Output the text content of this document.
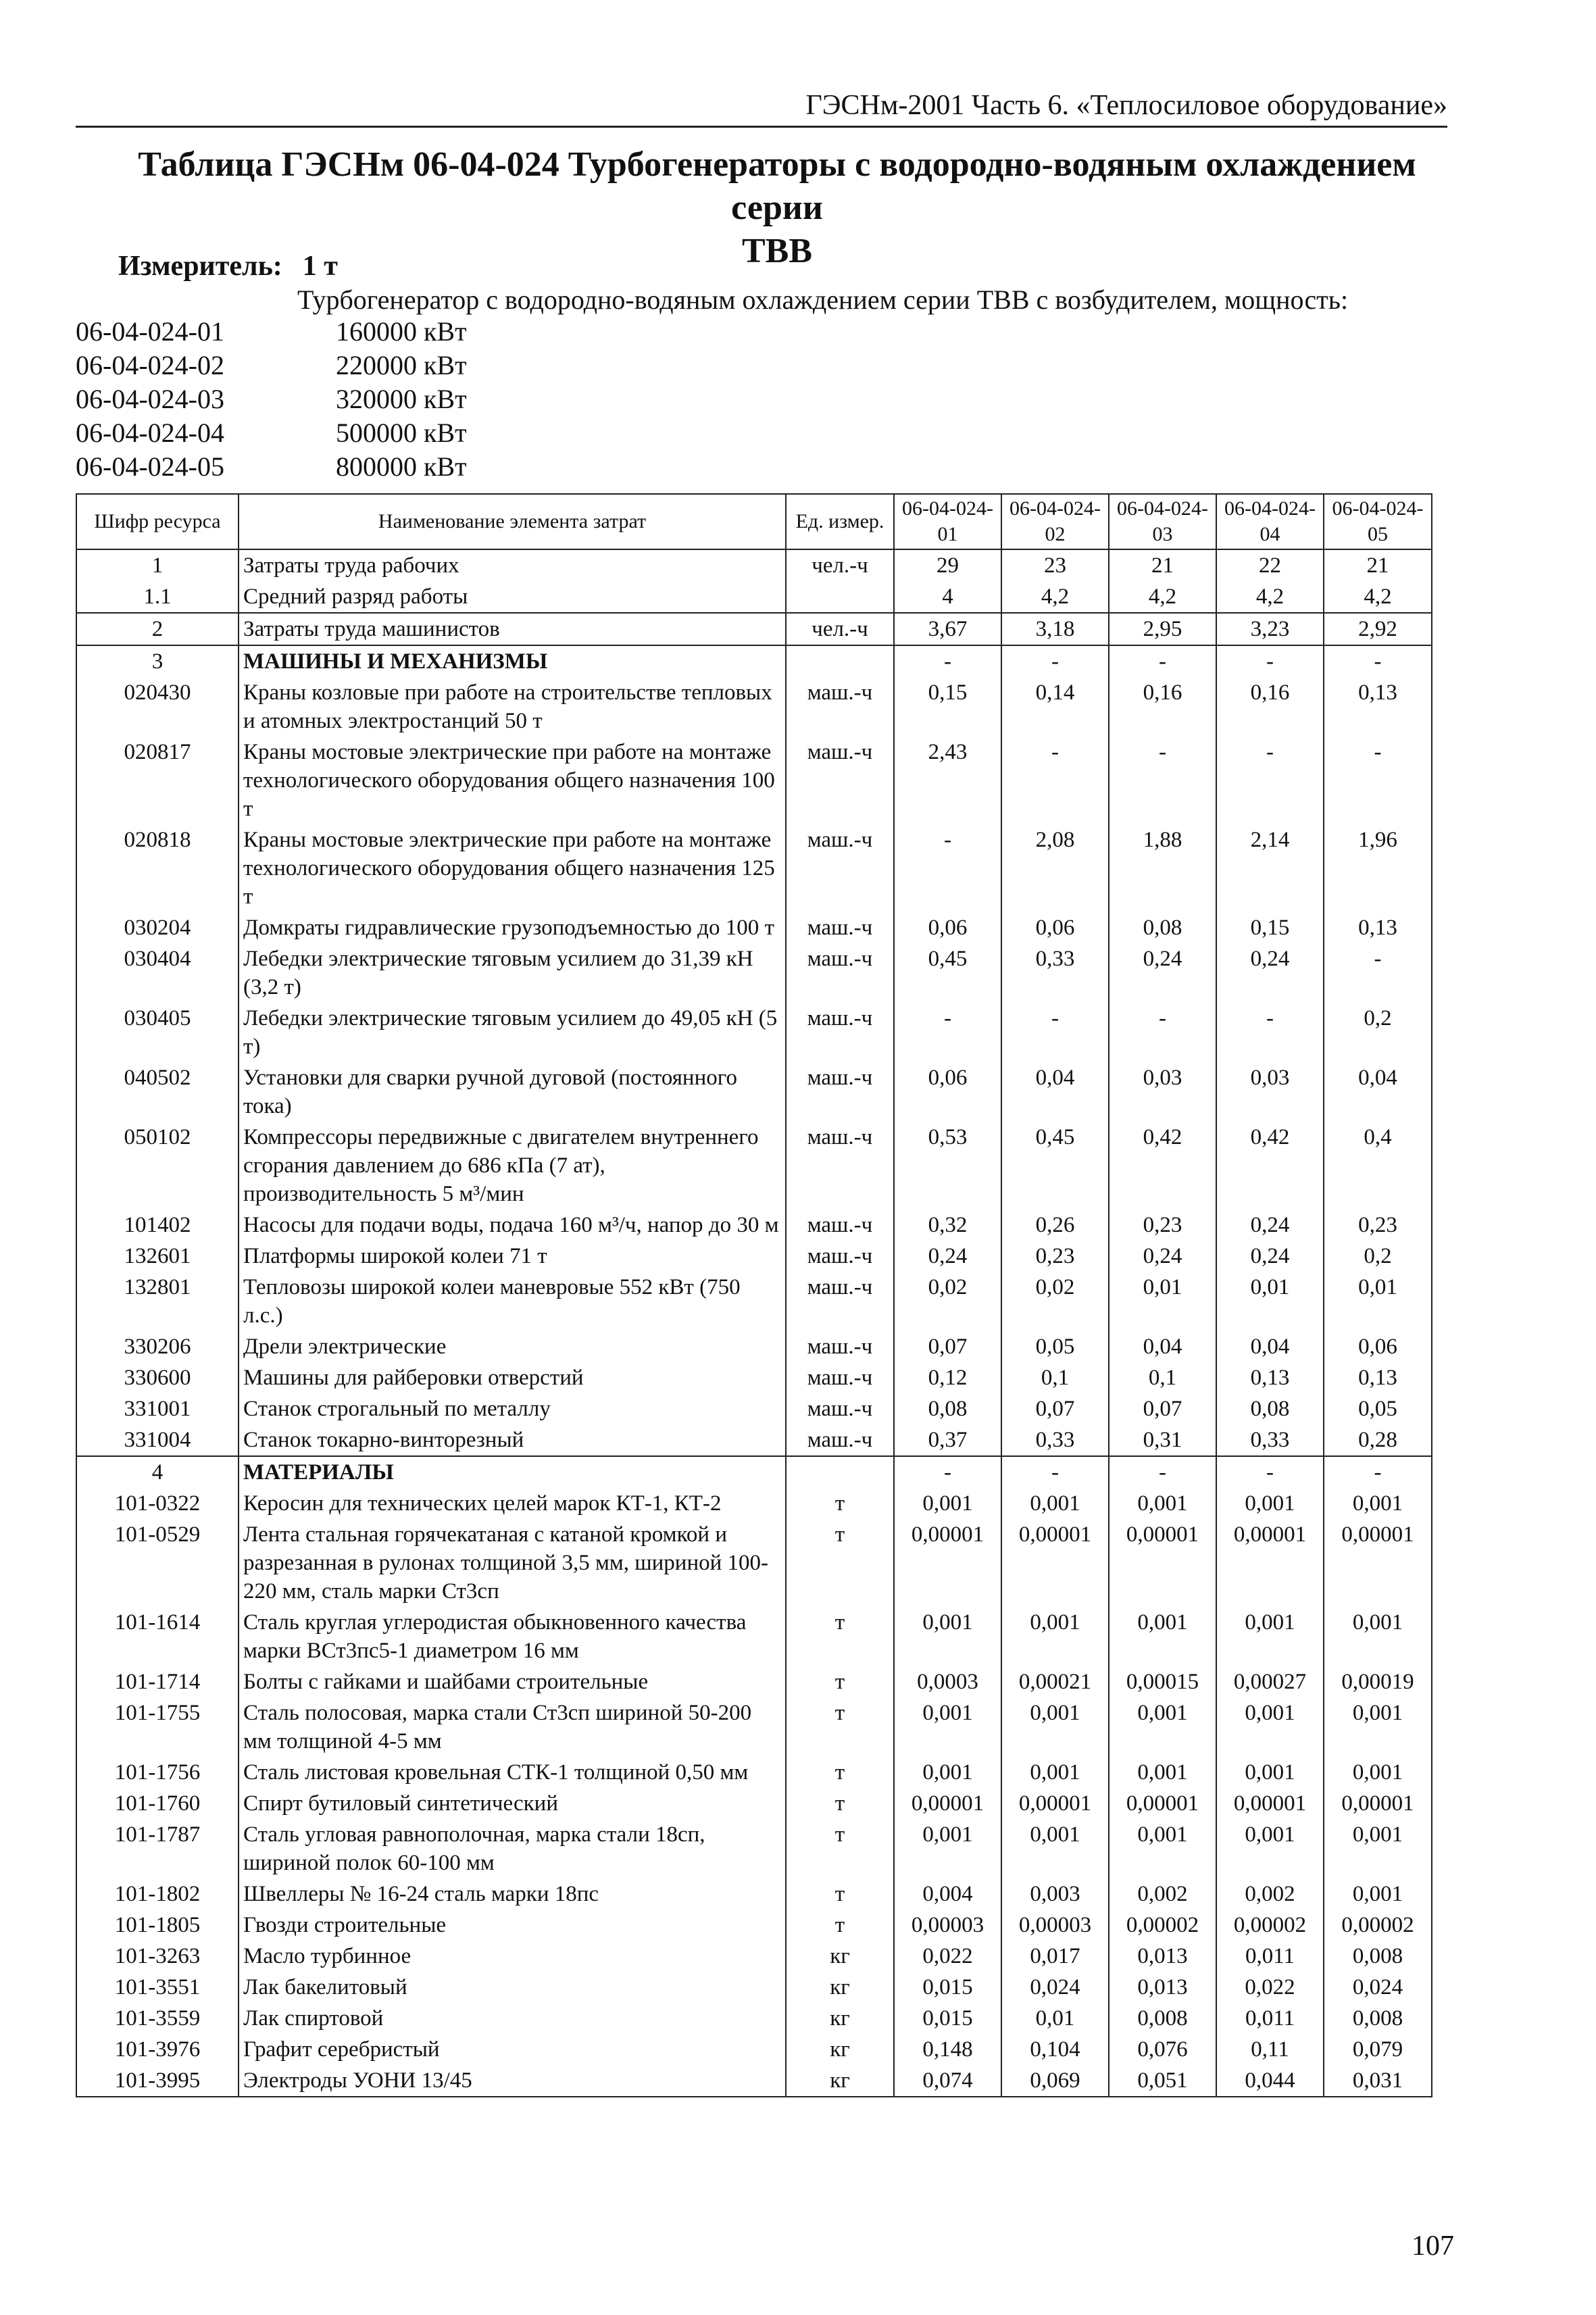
ГЭСНм-2001 Часть 6. «Теплосиловое оборудование»
Таблица ГЭСНм 06-04-024 Турбогенераторы с водородно-водяным охлаждением серии
ТВВ
Измеритель: 1 т
Турбогенератор с водородно-водяным охлаждением серии ТВВ с возбудителем, мощность:
06-04-024-01	160000 кВт
06-04-024-02	220000 кВт
06-04-024-03	320000 кВт
06-04-024-04	500000 кВт
06-04-024-05	800000 кВт
Шифр ресурса	Наименование элемента затрат	Ед. измер.	06-04-024-01	06-04-024-02	06-04-024-03	06-04-024-04	06-04-024-05
1	Затраты труда рабочих	чел.-ч	29	23	21	22	21
1.1	Средний разряд работы		4	4,2	4,2	4,2	4,2
2	Затраты труда машинистов	чел.-ч	3,67	3,18	2,95	3,23	2,92
3	МАШИНЫ И МЕХАНИЗМЫ		-	-	-	-	-
020430	Краны козловые при работе на строительстве тепловых и атомных электростанций 50 т	маш.-ч	0,15	0,14	0,16	0,16	0,13
020817	Краны мостовые электрические при работе на монтаже технологического оборудования общего назначения 100 т	маш.-ч	2,43	-	-	-	-
020818	Краны мостовые электрические при работе на монтаже технологического оборудования общего назначения 125 т	маш.-ч	-	2,08	1,88	2,14	1,96
030204	Домкраты гидравлические грузоподъемностью до 100 т	маш.-ч	0,06	0,06	0,08	0,15	0,13
030404	Лебедки электрические тяговым усилием до 31,39 кН (3,2 т)	маш.-ч	0,45	0,33	0,24	0,24	-
030405	Лебедки электрические тяговым усилием до 49,05 кН (5 т)	маш.-ч	-	-	-	-	0,2
040502	Установки для сварки ручной дуговой (постоянного тока)	маш.-ч	0,06	0,04	0,03	0,03	0,04
050102	Компрессоры передвижные с двигателем внутреннего сгорания давлением до 686 кПа (7 ат), производительность 5 м³/мин	маш.-ч	0,53	0,45	0,42	0,42	0,4
101402	Насосы для подачи воды, подача 160 м³/ч, напор до 30 м	маш.-ч	0,32	0,26	0,23	0,24	0,23
132601	Платформы широкой колеи 71 т	маш.-ч	0,24	0,23	0,24	0,24	0,2
132801	Тепловозы широкой колеи маневровые 552 кВт (750 л.с.)	маш.-ч	0,02	0,02	0,01	0,01	0,01
330206	Дрели электрические	маш.-ч	0,07	0,05	0,04	0,04	0,06
330600	Машины для райберовки отверстий	маш.-ч	0,12	0,1	0,1	0,13	0,13
331001	Станок строгальный по металлу	маш.-ч	0,08	0,07	0,07	0,08	0,05
331004	Станок токарно-винторезный	маш.-ч	0,37	0,33	0,31	0,33	0,28
4	МАТЕРИАЛЫ		-	-	-	-	-
101-0322	Керосин для технических целей марок КТ-1, КТ-2	т	0,001	0,001	0,001	0,001	0,001
101-0529	Лента стальная горячекатаная с катаной кромкой и разрезанная в рулонах толщиной 3,5 мм, шириной 100-220 мм, сталь марки Ст3сп	т	0,00001	0,00001	0,00001	0,00001	0,00001
101-1614	Сталь круглая углеродистая обыкновенного качества марки ВСт3пс5-1 диаметром 16 мм	т	0,001	0,001	0,001	0,001	0,001
101-1714	Болты с гайками и шайбами строительные	т	0,0003	0,00021	0,00015	0,00027	0,00019
101-1755	Сталь полосовая, марка стали Ст3сп шириной 50-200 мм толщиной 4-5 мм	т	0,001	0,001	0,001	0,001	0,001
101-1756	Сталь листовая кровельная СТК-1 толщиной 0,50 мм	т	0,001	0,001	0,001	0,001	0,001
101-1760	Спирт бутиловый синтетический	т	0,00001	0,00001	0,00001	0,00001	0,00001
101-1787	Сталь угловая равнополочная, марка стали 18сп, шириной полок 60-100 мм	т	0,001	0,001	0,001	0,001	0,001
101-1802	Швеллеры № 16-24 сталь марки 18пс	т	0,004	0,003	0,002	0,002	0,001
101-1805	Гвозди строительные	т	0,00003	0,00003	0,00002	0,00002	0,00002
101-3263	Масло турбинное	кг	0,022	0,017	0,013	0,011	0,008
101-3551	Лак бакелитовый	кг	0,015	0,024	0,013	0,022	0,024
101-3559	Лак спиртовой	кг	0,015	0,01	0,008	0,011	0,008
101-3976	Графит серебристый	кг	0,148	0,104	0,076	0,11	0,079
101-3995	Электроды УОНИ 13/45	кг	0,074	0,069	0,051	0,044	0,031
107
